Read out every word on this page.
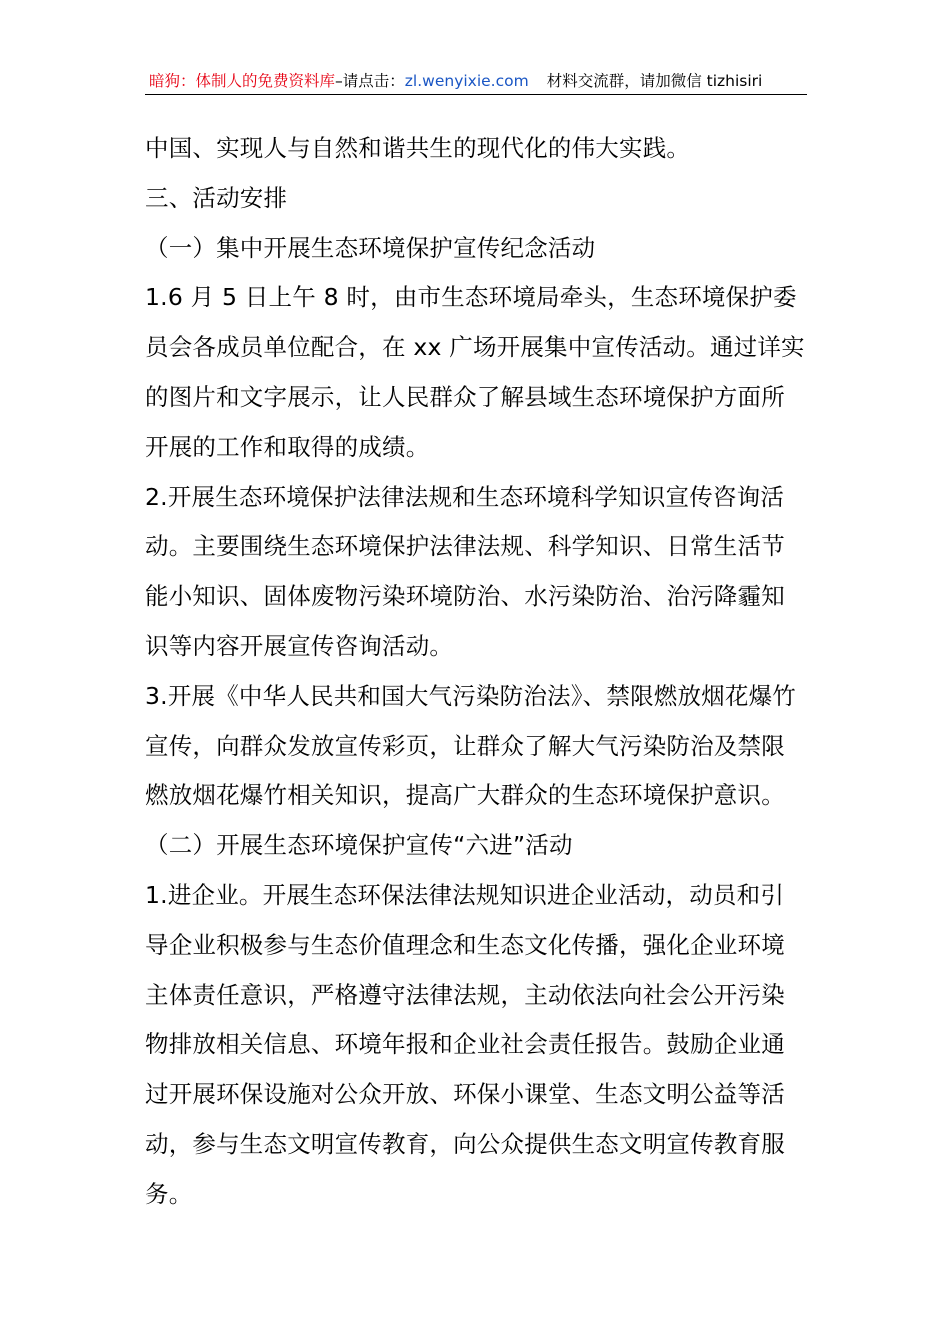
暗狗：体制人的免费资料库–请点击：zl.wenyixie.com 材料交流群，请加微信 tizhisiri

中国、实现人与自然和谐共生的现代化的伟大实践。

三、活动安排

（一）集中开展生态环境保护宣传纪念活动

1.6 月 5 日上午 8 时，由市生态环境局牵头，生态环境保护委员会各成员单位配合，在 xx 广场开展集中宣传活动。通过详实的图片和文字展示，让人民群众了解县域生态环境保护方面所开展的工作和取得的成绩。

2.开展生态环境保护法律法规和生态环境科学知识宣传咨询活动。主要围绕生态环境保护法律法规、科学知识、日常生活节能小知识、固体废物污染环境防治、水污染防治、治污降霾知识等内容开展宣传咨询活动。

3.开展《中华人民共和国大气污染防治法》、禁限燃放烟花爆竹宣传，向群众发放宣传彩页，让群众了解大气污染防治及禁限燃放烟花爆竹相关知识，提高广大群众的生态环境保护意识。

（二）开展生态环境保护宣传“六进”活动

1.进企业。开展生态环保法律法规知识进企业活动，动员和引导企业积极参与生态价值理念和生态文化传播，强化企业环境主体责任意识，严格遵守法律法规，主动依法向社会公开污染物排放相关信息、环境年报和企业社会责任报告。鼓励企业通过开展环保设施对公众开放、环保小课堂、生态文明公益等活动，参与生态文明宣传教育，向公众提供生态文明宣传教育服务。
